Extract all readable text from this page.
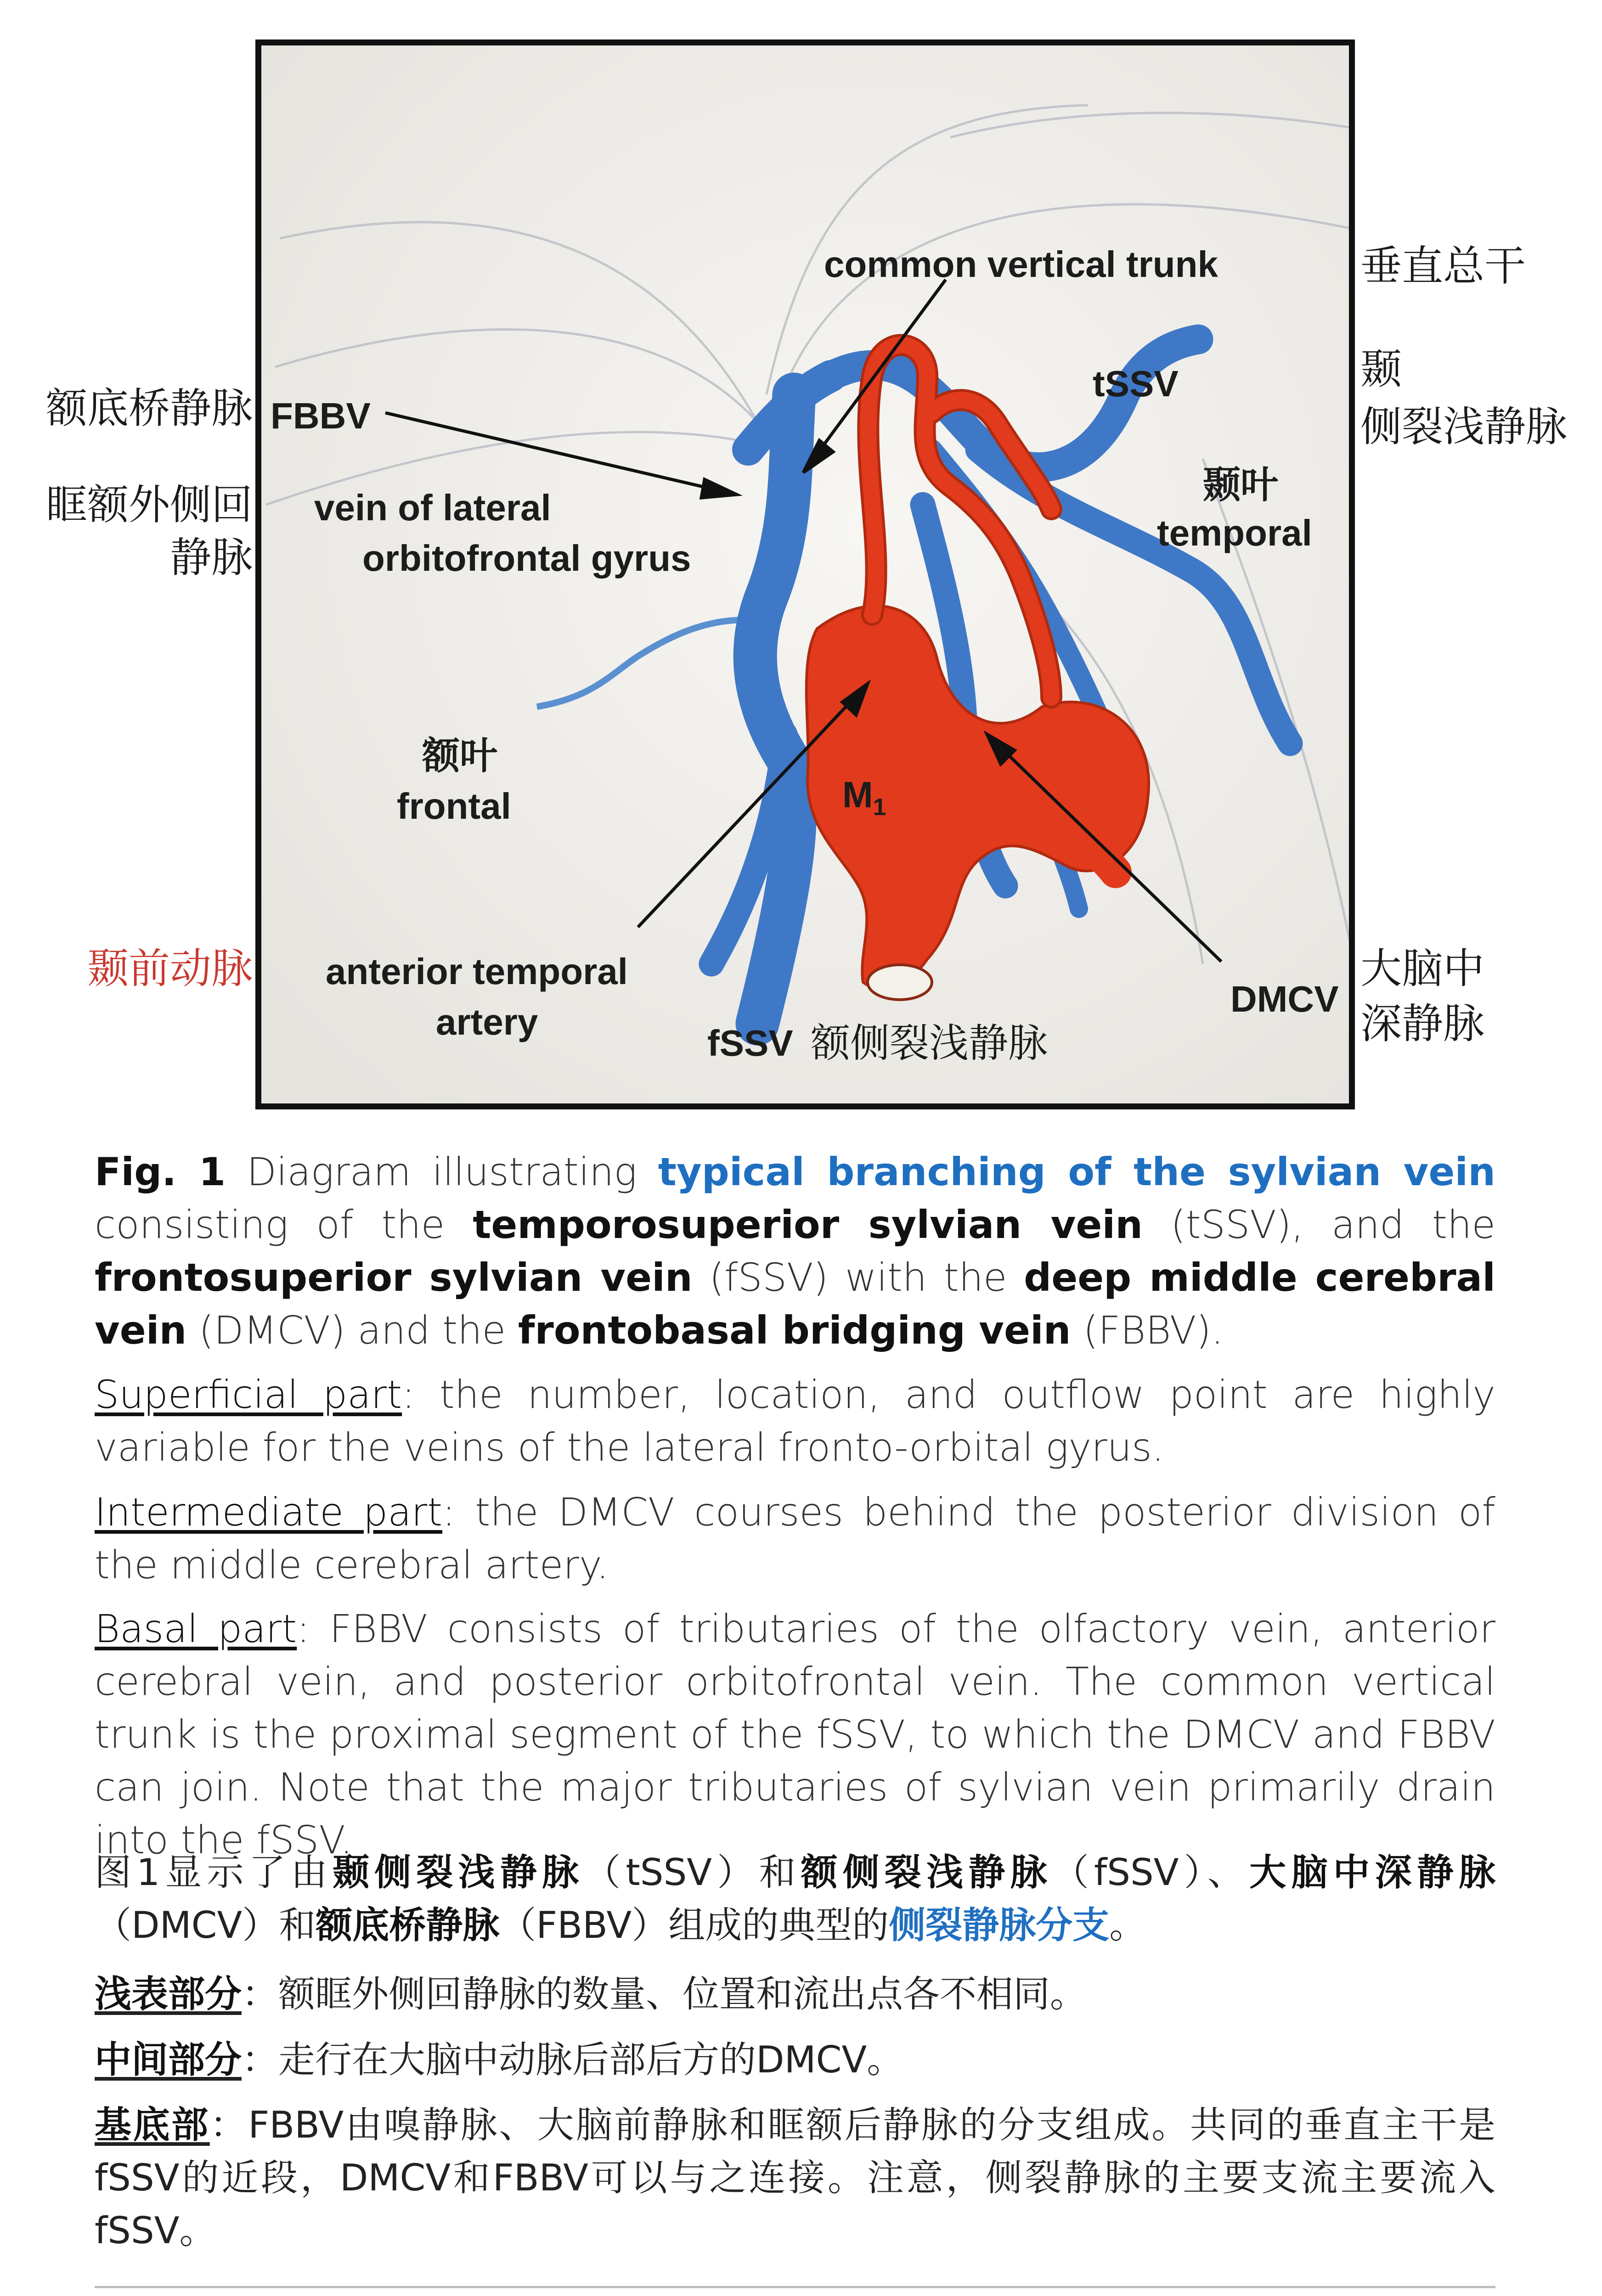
common vertical trunk
tSSV
颞叶
temporal
FBBV
vein of lateral
orbitofrontal gyrus
额叶
frontal	$M_1$
anterior temporal
artery
DMCV
fSSV 额侧裂浅静脉
垂直总干
颞
侧裂浅静脉
额底桥静脉
眶额外侧回
静脉
颞前动脉	大脑中
深静脉
Fig. 1 Diagram illustrating typical branching of the sylvian vein consisting of the temporosuperior sylvian vein (tSSV), and the frontosuperior sylvian vein (fSSV) with the deep middle cerebral vein (DMCV) and the frontobasal bridging vein (FBBV).
Superficial part: the number, location, and outflow point are highly variable for the veins of the lateral fronto-orbital gyrus.
Intermediate part: the DMCV courses behind the posterior division of the middle cerebral artery.
Basal part: FBBV consists of tributaries of the olfactory vein, anterior cerebral vein, and posterior orbitofrontal vein. The common vertical trunk is the proximal segment of the fSSV, to which the DMCV and FBBV can join. Note that the major tributaries of sylvian vein primarily drain into the fSSV.
图1显示了由颞侧裂浅静脉（tSSV）和额侧裂浅静脉（fSSV）、大脑中深静脉（DMCV）和额底桥静脉（FBBV）组成的典型的侧裂静脉分支。
浅表部分：额眶外侧回静脉的数量、位置和流出点各不相同。
中间部分：走行在大脑中动脉后部后方的DMCV。
基底部：FBBV由嗅静脉、大脑前静脉和眶额后静脉的分支组成。共同的垂直主干是fSSV的近段，DMCV和FBBV可以与之连接。注意，侧裂静脉的主要支流主要流入fSSV。
